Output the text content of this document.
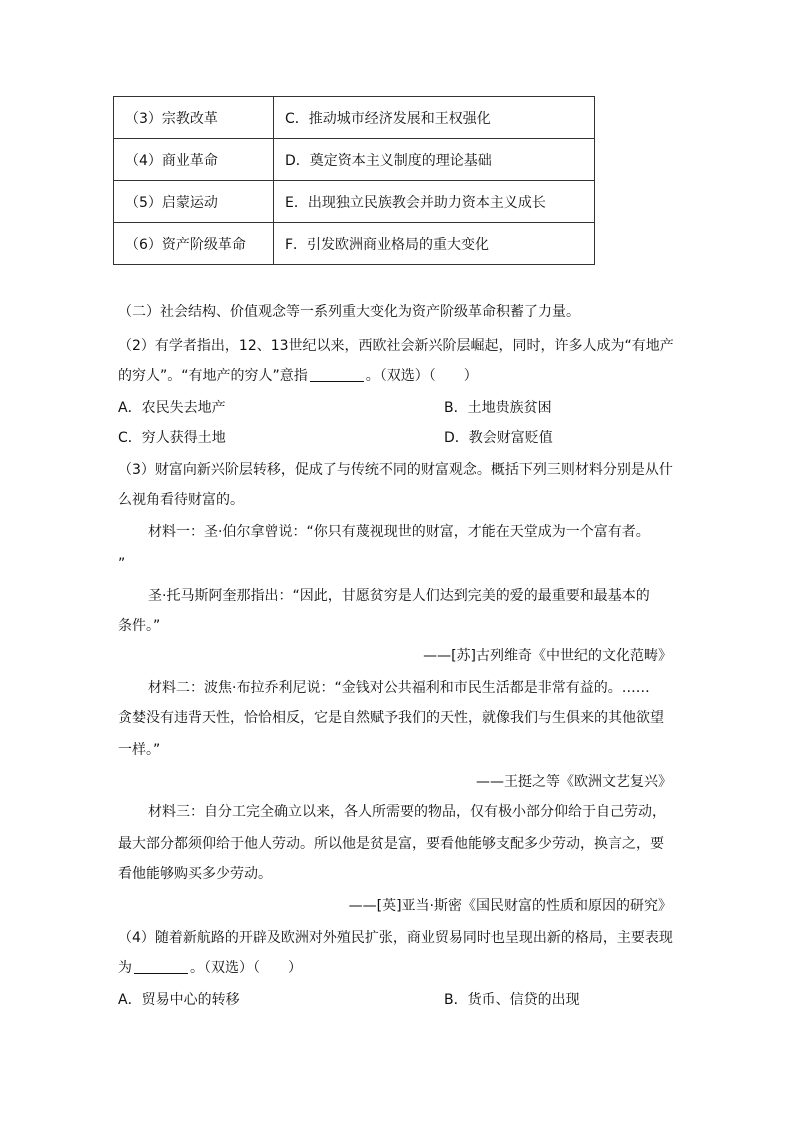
（3）宗教改革	C．推动城市经济发展和王权强化
（4）商业革命	D．奠定资本主义制度的理论基础
（5）启蒙运动	E．出现独立民族教会并助力资本主义成长
（6）资产阶级革命	F．引发欧洲商业格局的重大变化
（二）社会结构、价值观念等一系列重大变化为资产阶级革命积蓄了力量。
（2）有学者指出，12、13世纪以来，西欧社会新兴阶层崛起，同时，许多人成为“有地产
的穷人”。“有地产的穷人”意指	。（双选）（　　）
A．农民失去地产	B．土地贵族贫困
C．穷人获得土地	D．教会财富贬值
（3）财富向新兴阶层转移，促成了与传统不同的财富观念。概括下列三则材料分别是从什
么视角看待财富的。
材料一：圣·伯尔拿曾说：“你只有蔑视现世的财富，才能在天堂成为一个富有者。
”
圣·托马斯阿奎那指出：“因此，甘愿贫穷是人们达到完美的爱的最重要和最基本的
条件。”
——[苏]古列维奇《中世纪的文化范畴》
材料二：波焦·布拉乔利尼说：“金钱对公共福利和市民生活都是非常有益的。……
贪婪没有违背天性，恰恰相反，它是自然赋予我们的天性，就像我们与生俱来的其他欲望
一样。”
——王挺之等《欧洲文艺复兴》
材料三：自分工完全确立以来，各人所需要的物品，仅有极小部分仰给于自己劳动，
最大部分都须仰给于他人劳动。所以他是贫是富，要看他能够支配多少劳动，换言之，要
看他能够购买多少劳动。
——[英]亚当·斯密《国民财富的性质和原因的研究》
（4）随着新航路的开辟及欧洲对外殖民扩张，商业贸易同时也呈现出新的格局，主要表现
为	。（双选）（　　）
A．贸易中心的转移	B．货币、信贷的出现
